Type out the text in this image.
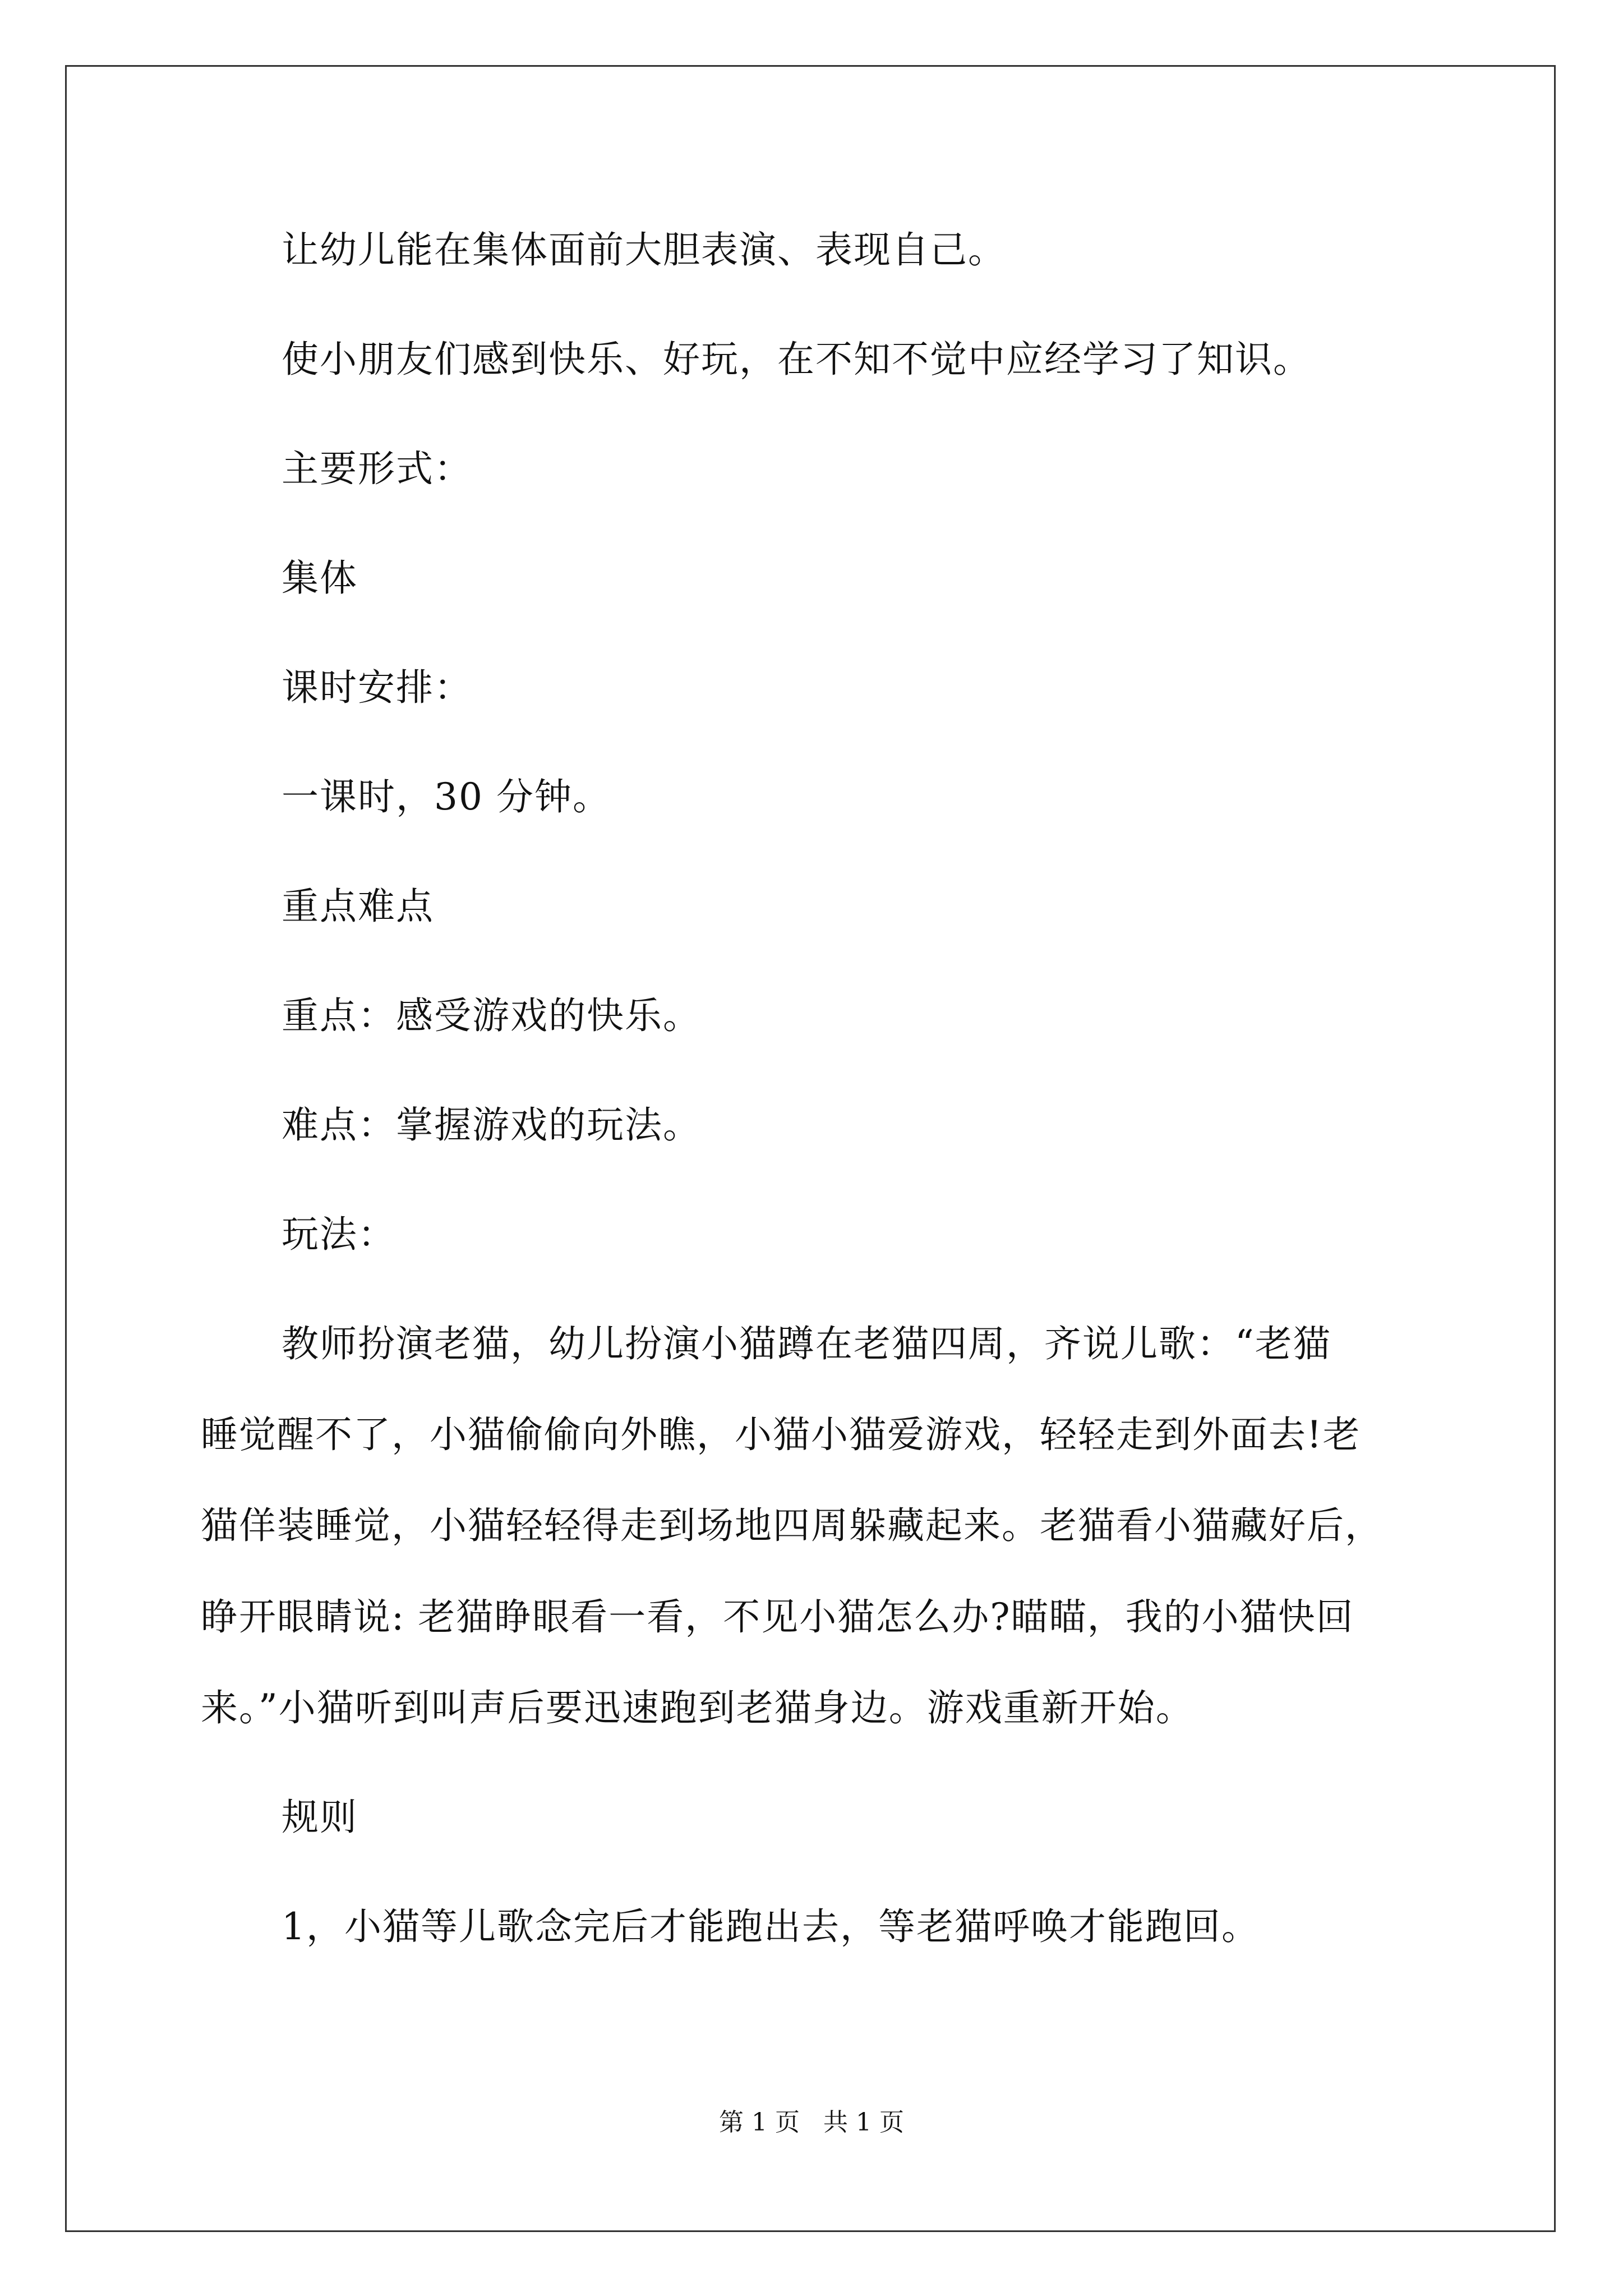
让幼儿能在集体面前大胆表演、表现自己。
使小朋友们感到快乐、好玩，在不知不觉中应经学习了知识。
主要形式：
集体
课时安排：
一课时，30 分钟。
重点难点
重点：感受游戏的快乐。
难点：掌握游戏的玩法。
玩法：
教师扮演老猫，幼儿扮演小猫蹲在老猫四周，齐说儿歌：“老猫
睡觉醒不了，小猫偷偷向外瞧，小猫小猫爱游戏，轻轻走到外面去!老
猫佯装睡觉，小猫轻轻得走到场地四周躲藏起来。老猫看小猫藏好后，
睁开眼睛说: 老猫睁眼看一看，不见小猫怎么办?瞄瞄，我的小猫快回
来。”小猫听到叫声后要迅速跑到老猫身边。游戏重新开始。
规则
1，小猫等儿歌念完后才能跑出去，等老猫呼唤才能跑回。
第 1 页   共 1 页
